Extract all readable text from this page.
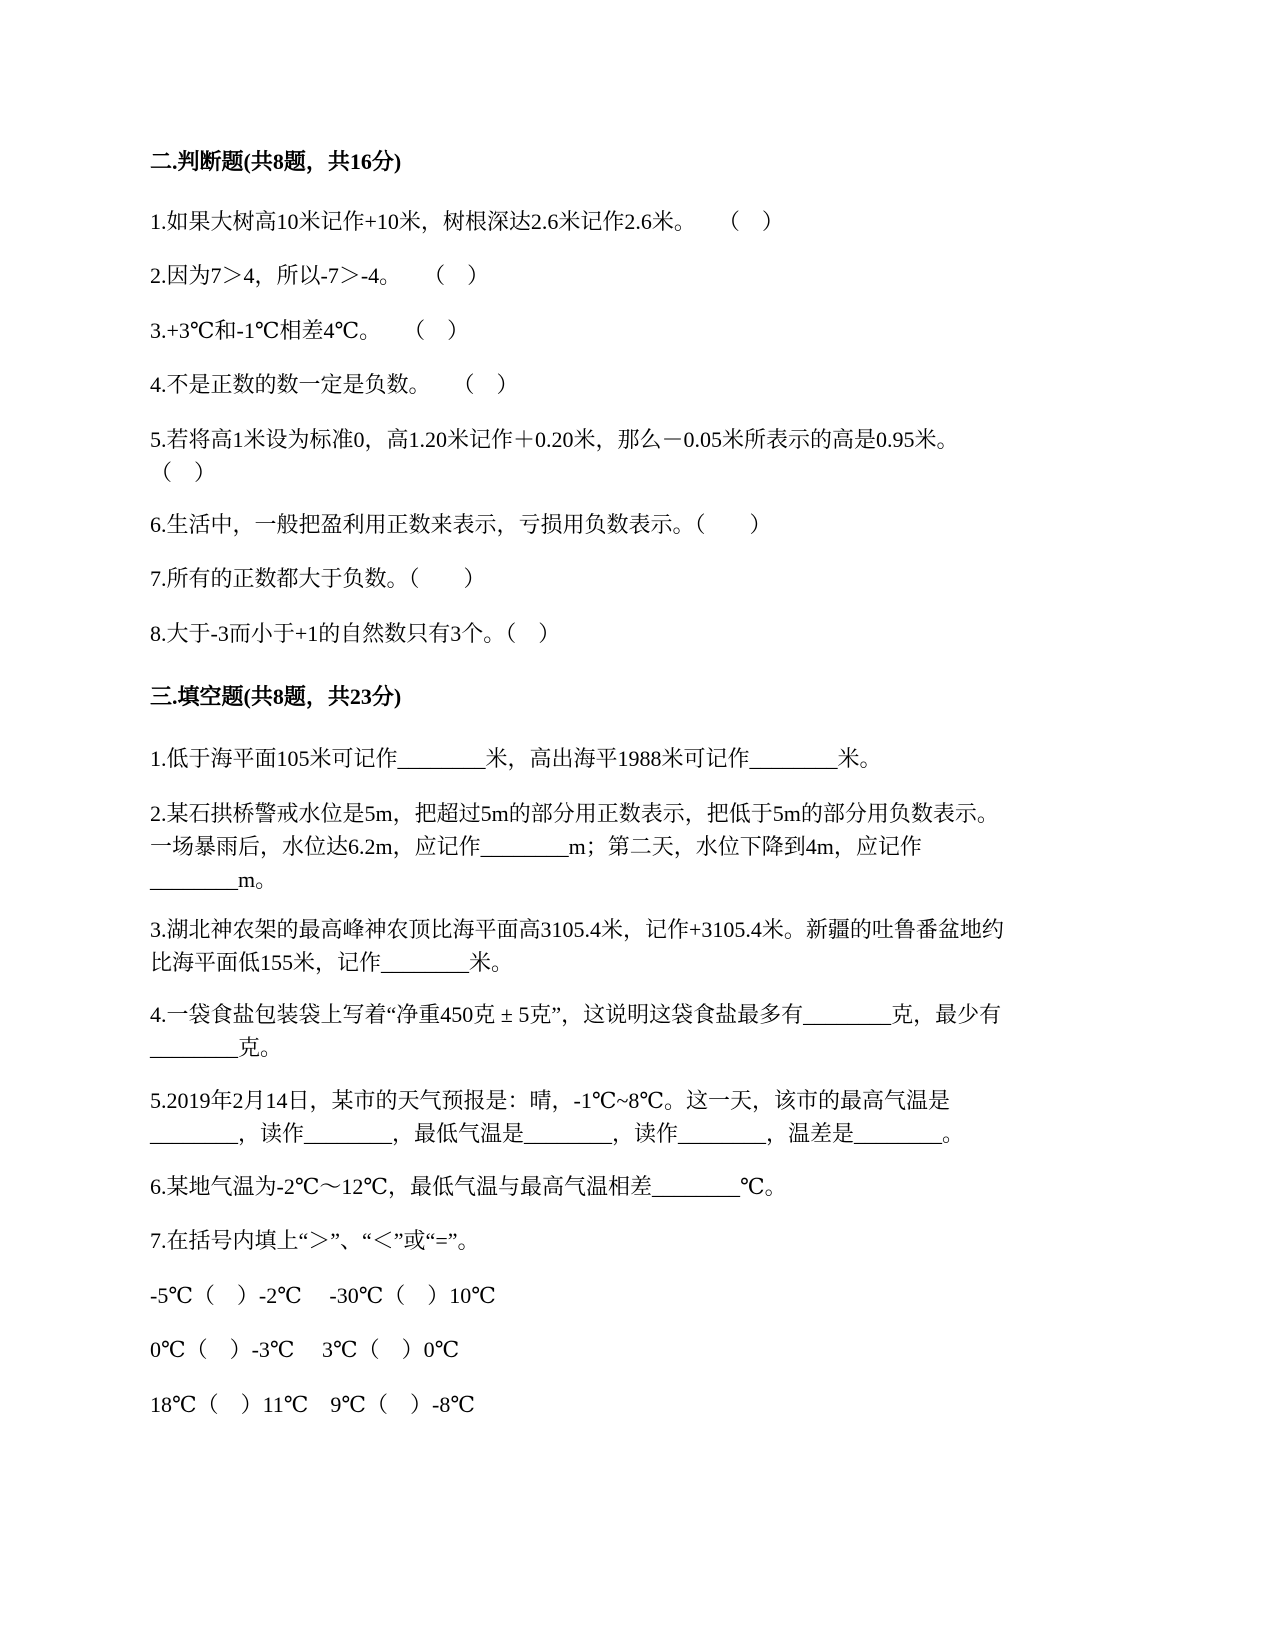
二.判断题(共8题，共16分)
1.如果大树高10米记作+10米，树根深达2.6米记作2.6米。　　（　）
2.因为7＞4，所以-7＞-4。　　（　）
3.+3℃和-1℃相差4℃。　　（　）
4.不是正数的数一定是负数。　　（　）
5.若将高1米设为标准0，高1.20米记作＋0.20米，那么－0.05米所表示的高是0.95米。
（　）
6.生活中，一般把盈利用正数来表示，亏损用负数表示。（　　）
7.所有的正数都大于负数。（　　）
8.大于-3而小于+1的自然数只有3个。（　）
三.填空题(共8题，共23分)
1.低于海平面105米可记作________米，高出海平1988米可记作________米。
2.某石拱桥警戒水位是5m，把超过5m的部分用正数表示，把低于5m的部分用负数表示。
一场暴雨后，水位达6.2m，应记作________m；第二天，水位下降到4m，应记作
________m。
3.湖北神农架的最高峰神农顶比海平面高3105.4米，记作+3105.4米。新疆的吐鲁番盆地约
比海平面低155米，记作________米。
4.一袋食盐包装袋上写着“净重450克 ± 5克”，这说明这袋食盐最多有________克，最少有
________克。
5.2019年2月14日，某市的天气预报是：晴，-1℃~8℃。这一天，该市的最高气温是
________，读作________，最低气温是________，读作________，温差是________。
6.某地气温为-2℃～12℃，最低气温与最高气温相差________℃。
7.在括号内填上“＞”、“＜”或“=”。
-5℃（　）-2℃　 -30℃（　）10℃
0℃（　）-3℃　 3℃（　）0℃
18℃（　）11℃　9℃（　）-8℃
